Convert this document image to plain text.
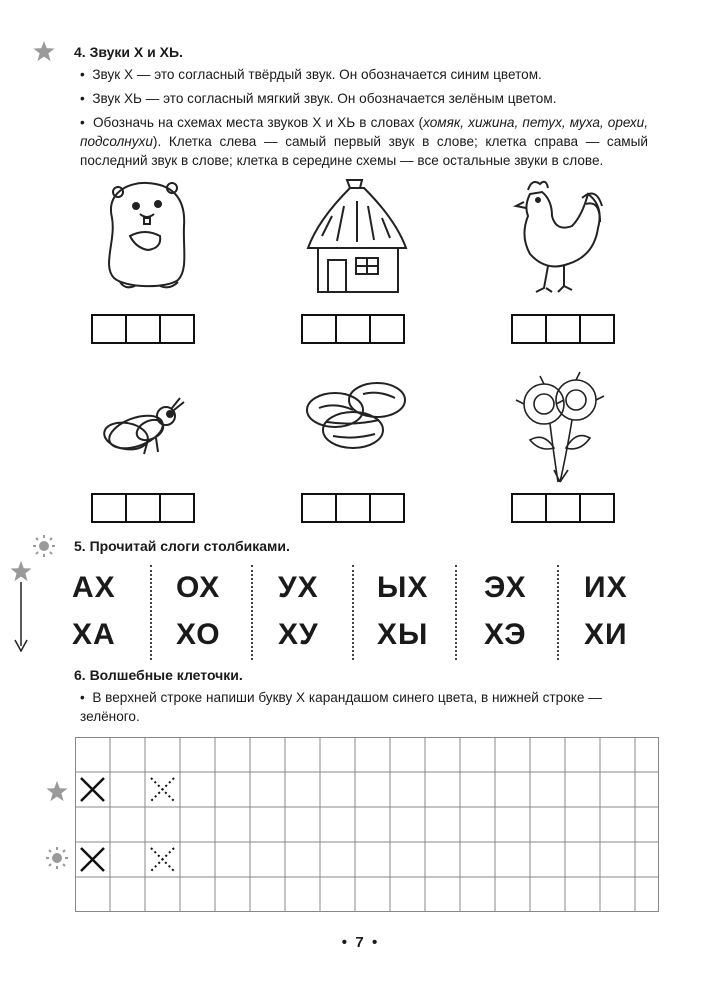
4. Звуки Х и ХЬ.
•  Звук Х — это согласный твёрдый звук. Он обозначается синим цветом.
•  Звук ХЬ — это согласный мягкий звук. Он обозначается зелёным цветом.
•  Обозначь на схемах места звуков Х и ХЬ в словах (хомяк, хижина, петух, муха, орехи, подсолнухи). Клетка слева — самый первый звук в слове; клетка справа — самый последний звук в слове; клетка в середине схемы — все остальные звуки в слове.
5. Прочитай слоги столбиками.
АХ ОХ УХ ЫХ ЭХ ИХ
ХА ХО ХУ ХЫ ХЭ ХИ
6. Волшебные клеточки.
•  В верхней строке напиши букву Х карандашом синего цвета, в нижней строке — зелёного.
•  7  •
